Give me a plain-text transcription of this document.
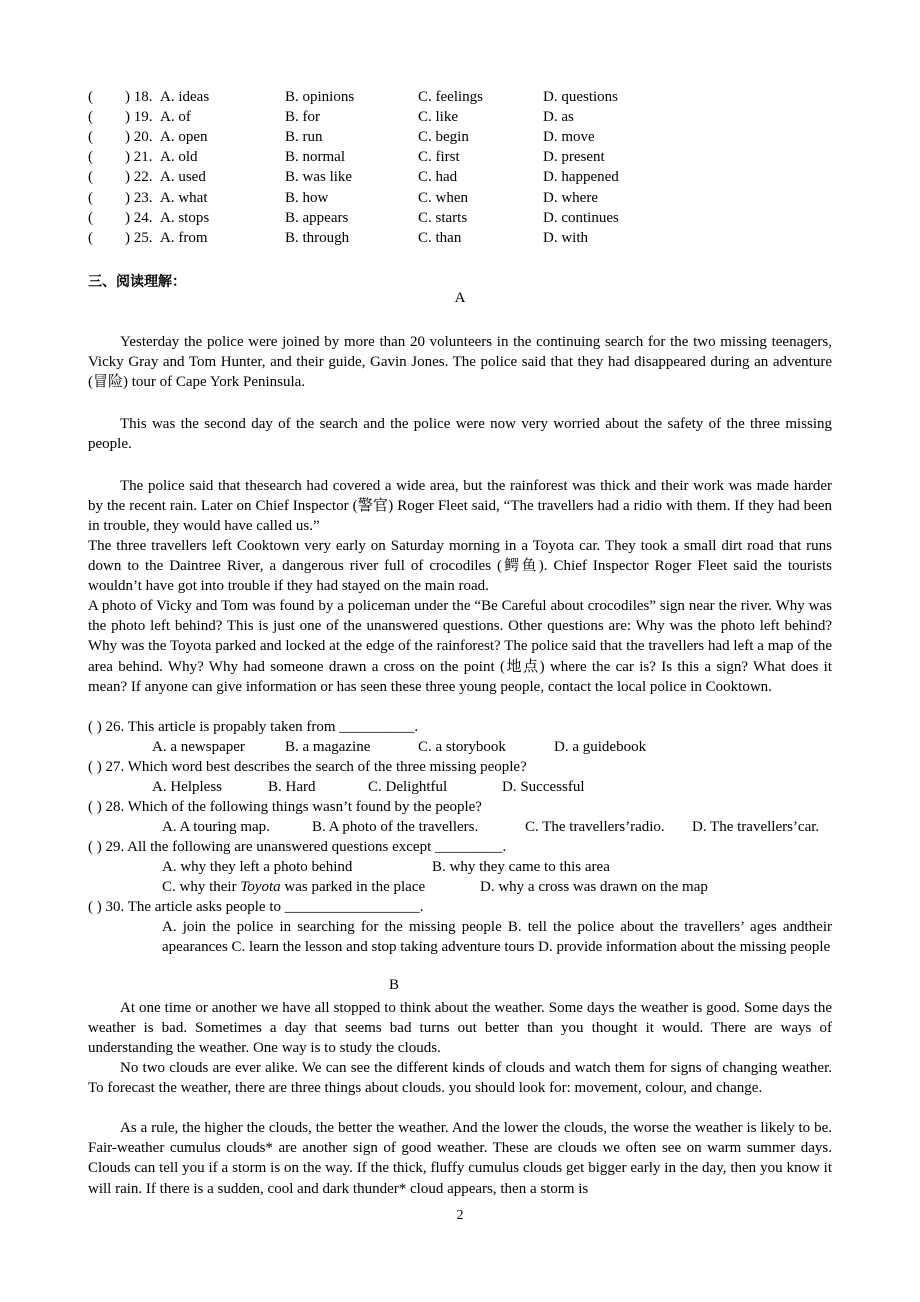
( ) 18. A. ideas	B. opinions	C. feelings	D. questions
( ) 19. A. of	B. for	C. like	D. as
( ) 20. A. open	B. run	C. begin	D. move
( ) 21. A. old	B. normal	C. first	D. present
( ) 22. A. used	B. was like	C. had	D. happened
( ) 23. A. what	B. how	C. when	D. where
( ) 24. A. stops	B. appears	C. starts	D. continues
( ) 25. A. from	B. through	C. than	D. with
三、阅读理解：
A
Yesterday the police were joined by more than 20 volunteers in the continuing search for the two missing teenagers, Vicky Gray and Tom Hunter, and their guide, Gavin Jones. The police said that they had disappeared during an adventure (冒险) tour of Cape York Peninsula.
This was the second day of the search and the police were now very worried about the safety of the three missing people.
The police said that thesearch had covered a wide area, but the rainforest was thick and their work was made harder by the recent rain. Later on Chief Inspector (警官) Roger Fleet said, “The travellers had a ridio with them. If they had been in trouble, they would have called us.”
The three travellers left Cooktown very early on Saturday morning in a Toyota car. They took a small dirt road that runs down to the Daintree River, a dangerous river full of crocodiles (鳄鱼). Chief Inspector Roger Fleet said the tourists wouldn’t have got into trouble if they had stayed on the main road.
A photo of Vicky and Tom was found by a policeman under the “Be Careful about crocodiles” sign near the river. Why was the photo left behind? This is just one of the unanswered questions. Other questions are: Why was the photo left behind? Why was the Toyota parked and locked at the edge of the rainforest? The police said that the travellers had left a map of the area behind. Why? Why had someone drawn a cross on the point (地点) where the car is? Is this a sign? What does it mean? If anyone can give information or has seen these three young people, contact the local police in Cooktown.
( ) 26. This article is propably taken from __________.
A. a newspaper	B. a magazine	C. a storybook	D. a guidebook
( ) 27. Which word best describes the search of the three missing people?
A. Helpless	B. Hard	C. Delightful	D. Successful
( ) 28. Which of the following things wasn’t found by the people?
A. A touring map.	B. A photo of the travellers.	C. The travellers’radio. D. The travellers’car.
( ) 29. All the following are unanswered questions except _________.
A. why they left a photo behind	B. why they came to this area
C. why their Toyota was parked in the place	D. why a cross was drawn on the map
( ) 30. The article asks people to __________________.
A. join the police in searching for the missing people B. tell the police about the travellers’ ages andtheir apearances C. learn the lesson and stop taking adventure tours D. provide information about the missing people
B
At one time or another we have all stopped to think about the weather. Some days the weather is good. Some days the weather is bad. Sometimes a day that seems bad turns out better than you thought it would. There are ways of understanding the weather. One way is to study the clouds.
No two clouds are ever alike. We can see the different kinds of clouds and watch them for signs of changing weather. To forecast the weather, there are three things about clouds. you should look for: movement, colour, and change.
As a rule, the higher the clouds, the better the weather. And the lower the clouds, the worse the weather is likely to be. Fair-weather cumulus clouds* are another sign of good weather. These are clouds we often see on warm summer days. Clouds can tell you if a storm is on the way. If the thick, fluffy cumulus clouds get bigger early in the day, then you know it will rain. If there is a sudden, cool and dark thunder* cloud appears, then a storm is
2
